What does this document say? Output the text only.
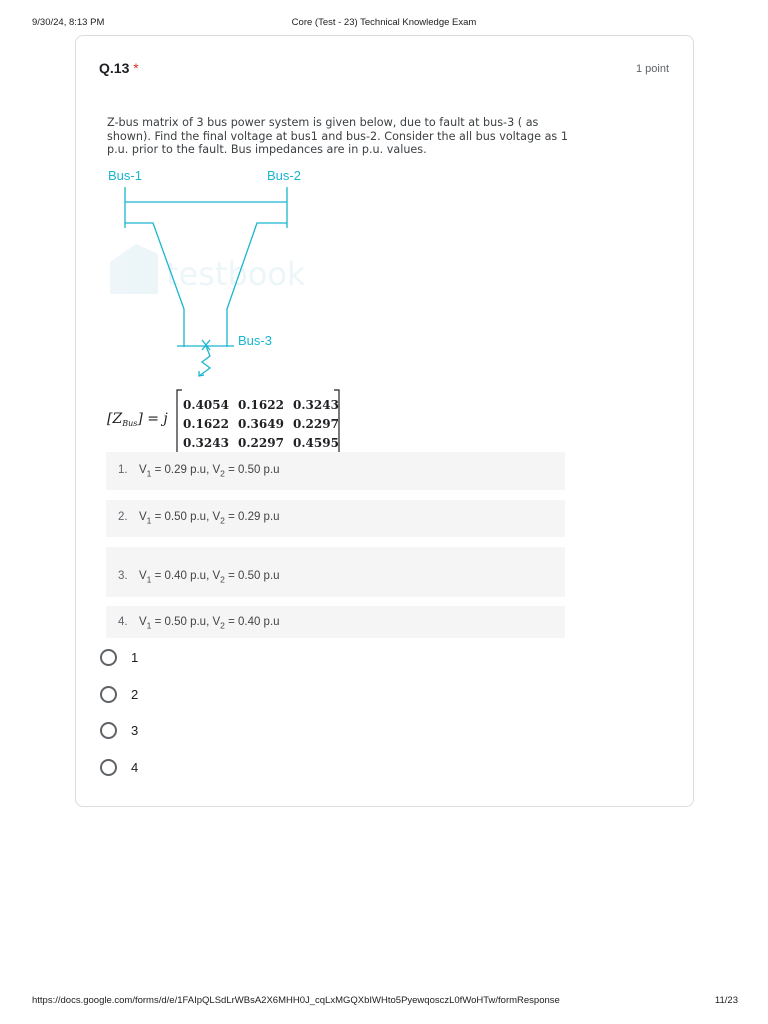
9/30/24, 8:13 PM	Core (Test - 23) Technical Knowledge Exam
Q.13 *	1 point
Z-bus matrix of 3 bus power system is given below, due to fault at bus-3 ( as shown). Find the final voltage at bus1 and bus-2. Consider the all bus voltage as 1 p.u. prior to the fault. Bus impedances are in p.u. values.
testbook
Bus-1	Bus-2
Bus-3
$[Z_{Bus}] = j$
0.4054 0.1622 0.3243
0.1622 0.3649 0.2297
0.3243 0.2297 0.4595
1. $V_1 = 0.29$ p.u, $V_2 = 0.50$ p.u
2. $V_1 = 0.50$ p.u, $V_2 = 0.29$ p.u
3. $V_1 = 0.40$ p.u, $V_2 = 0.50$ p.u
4. $V_1 = 0.50$ p.u, $V_2 = 0.40$ p.u
1
2
3
4
https://docs.google.com/forms/d/e/1FAIpQLSdLrWBsA2X6MHH0J_cqLxMGQXbIWHto5PyewqosczL0fWoHTw/formResponse	11/23
